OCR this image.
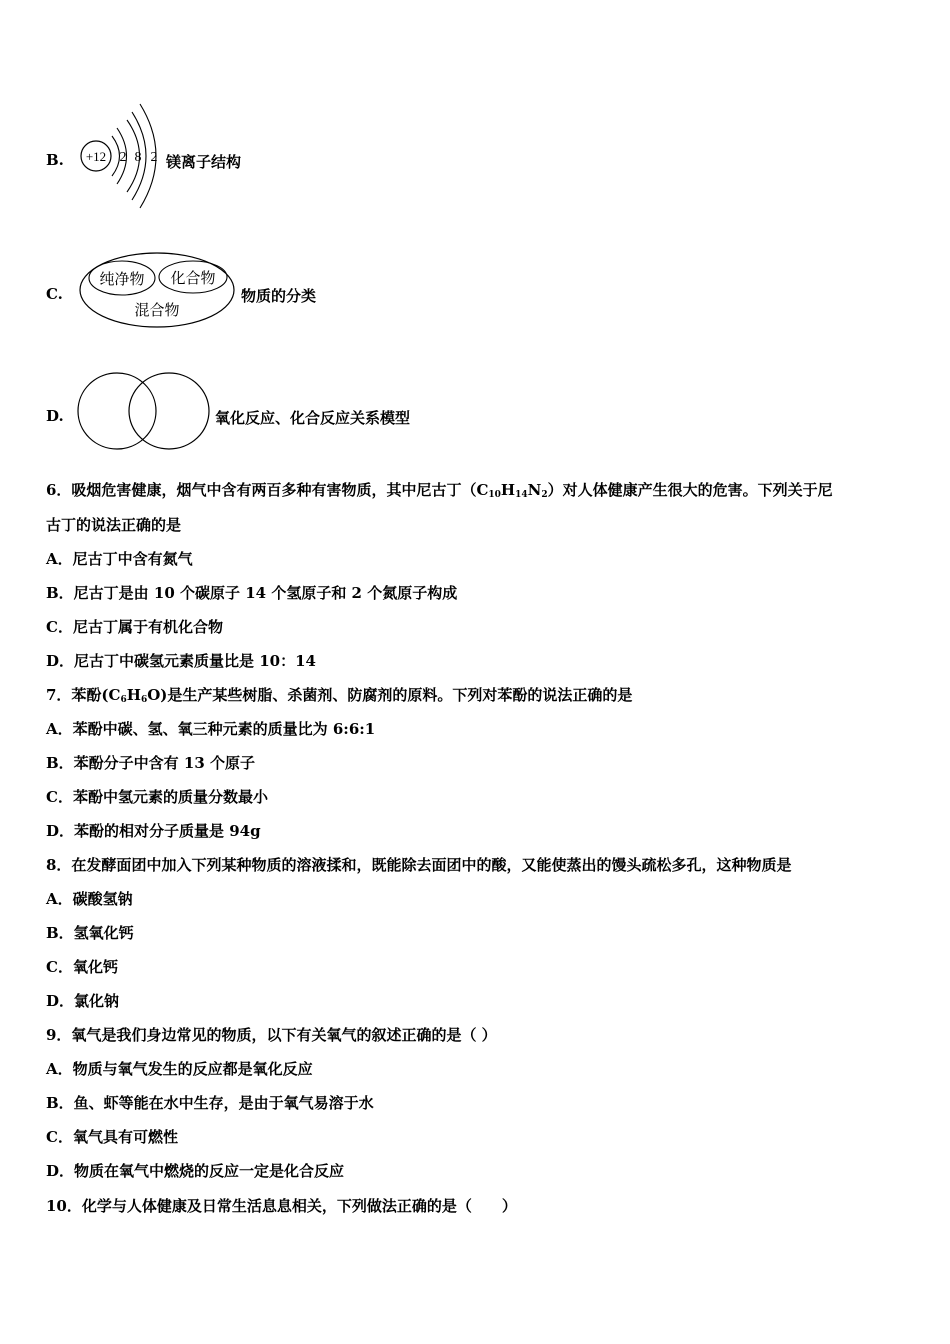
B. +12 2 8 2 镁离子结构
C.
纯净物 化合物
混合物
物质的分类
D.	氧化反应、化合反应关系模型
6．吸烟危害健康，烟气中含有两百多种有害物质，其中尼古丁$(C_{10}H_{14}N_2)$对人体健康产生很大的危害。下列关于尼
古丁的说法正确的是
A．尼古丁中含有氮气
B．尼古丁是由 10 个碳原子 14 个氢原子和 2 个氮原子构成
C．尼古丁属于有机化合物
D．尼古丁中碳氢元素质量比是 10：14
7．苯酚$(C_6H_6O)$是生产某些树脂、杀菌剂、防腐剂的原料。下列对苯酚的说法正确的是
A．苯酚中碳、氢、氧三种元素的质量比为 6:6:1
B．苯酚分子中含有 13 个原子
C．苯酚中氢元素的质量分数最小
D．苯酚的相对分子质量是 94g
8．在发酵面团中加入下列某种物质的溶液揉和，既能除去面团中的酸，又能使蒸出的馒头疏松多孔，这种物质是
A．碳酸氢钠
B．氢氧化钙
C．氧化钙
D．氯化钠
9．氧气是我们身边常见的物质，以下有关氧气的叙述正确的是（ ）
A．物质与氧气发生的反应都是氧化反应
B．鱼、虾等能在水中生存，是由于氧气易溶于水
C．氧气具有可燃性
D．物质在氧气中燃烧的反应一定是化合反应
10．化学与人体健康及日常生活息息相关，下列做法正确的是（　　）
